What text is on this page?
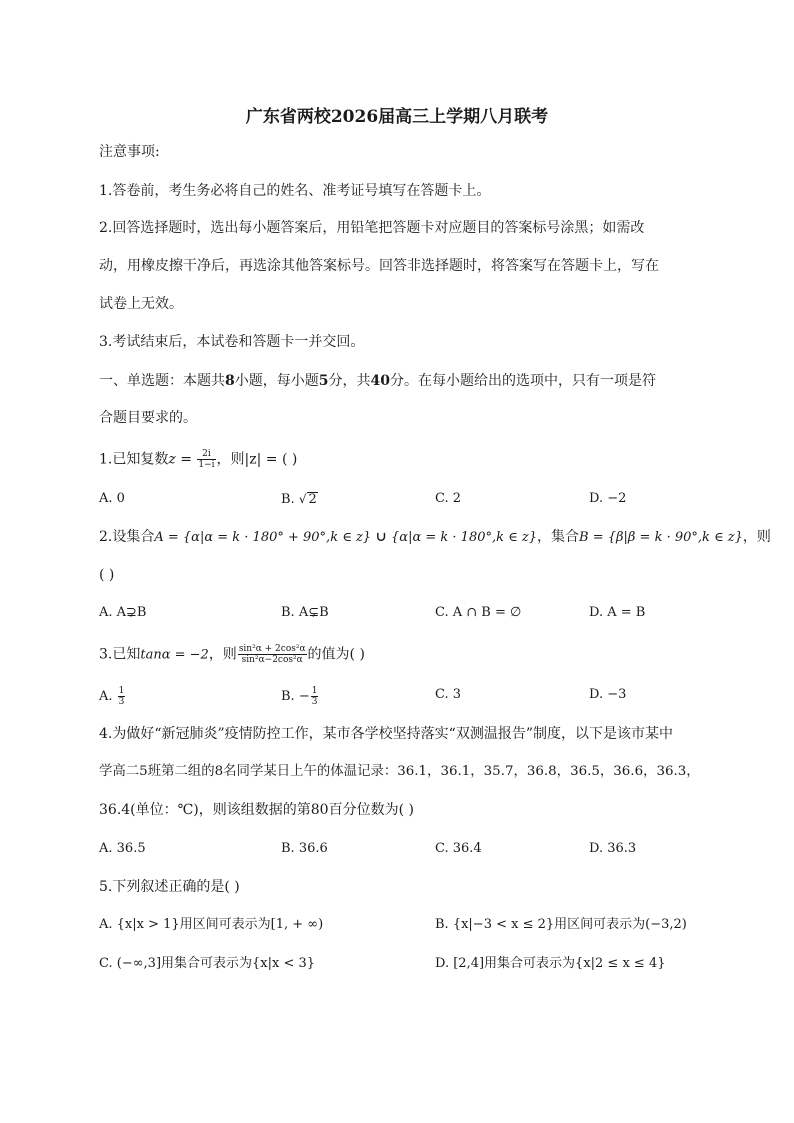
广东省两校2026届高三上学期八月联考
注意事项:
1.答卷前，考生务必将自己的姓名、准考证号填写在答题卡上。
2.回答选择题时，选出每小题答案后，用铅笔把答题卡对应题目的答案标号涂黑；如需改
动，用橡皮擦干净后，再选涂其他答案标号。回答非选择题时，将答案写在答题卡上，写在
试卷上无效。
3.考试结束后，本试卷和答题卡一并交回。
一、单选题：本题共8小题，每小题5分，共40分。在每小题给出的选项中，只有一项是符
合题目要求的。
1.已知复数$z = \frac{2i}{1-i}$ ，则|z| = ( )
A. 0	B. √ 2	C. 2	D. −2
2.设集合A = {α|α = k · 180° + 90°,k ∈ z} ∪ {α|α = k · 180°,k ∈ z}，集合B = {β|β = k · 90°,k ∈ z}，则
( )
A. A⊋B	B. A⊊B	C. A ∩ B = ∅	D. A = B
3.已知tanα = −2，则 $\frac{\text{sin²α + 2cos²α}}{\text{sin²α−2cos²α}}$ 的值为( )
A. $\frac{1}{3}$	B. − $\frac{1}{3}$	C. 3	D. −3
4.为做好“新冠肺炎”疫情防控工作，某市各学校坚持落实“双测温报告”制度，以下是该市某中
学高二5班第二组的8名同学某日上午的体温记录：36.1，36.1，35.7，36.8，36.5，36.6，36.3，
36.4(单位：℃)，则该组数据的第80百分位数为( )
A. 36.5	B. 36.6	C. 36.4	D. 36.3
5.下列叙述正确的是( )
A. {x|x > 1}用区间可表示为[1, + ∞)	B. {x|−3 < x ≤ 2}用区间可表示为(−3,2)
C. (−∞,3]用集合可表示为{x|x < 3}	D. [2,4]用集合可表示为{x|2 ≤ x ≤ 4}
